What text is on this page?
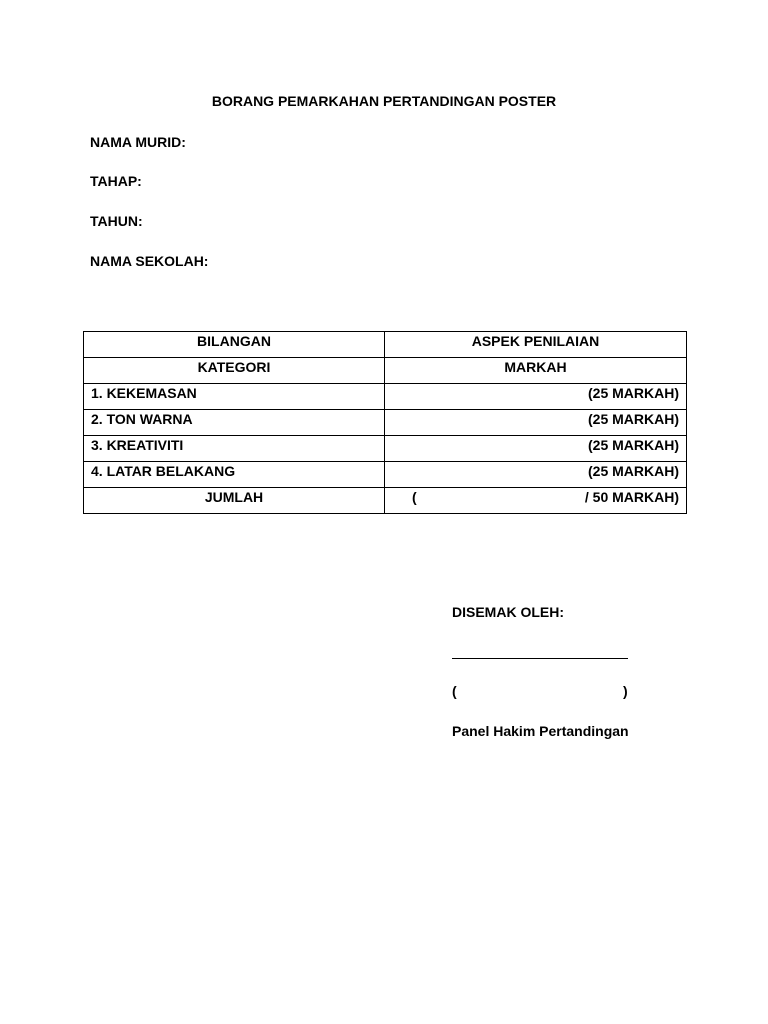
BORANG PEMARKAHAN PERTANDINGAN POSTER
NAMA MURID:
TAHAP:
TAHUN:
NAMA SEKOLAH:
BILANGAN	ASPEK PENILAIAN
KATEGORI	MARKAH
1. KEKEMASAN	(25 MARKAH)
2. TON WARNA	(25 MARKAH)
3. KREATIVITI	(25 MARKAH)
4. LATAR BELAKANG	(25 MARKAH)
JUMLAH	( / 50 MARKAH)
DISEMAK OLEH:
(	)
Panel Hakim Pertandingan
